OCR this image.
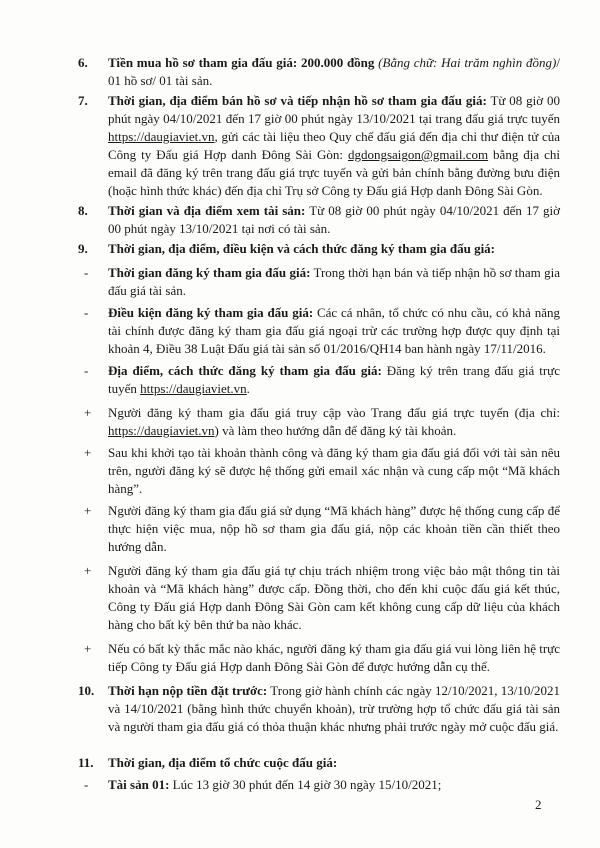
6. Tiền mua hồ sơ tham gia đấu giá: 200.000 đồng (Bằng chữ: Hai trăm nghìn đồng)/ 01 hồ sơ/ 01 tài sản.
7. Thời gian, địa điểm bán hồ sơ và tiếp nhận hồ sơ tham gia đấu giá: Từ 08 giờ 00 phút ngày 04/10/2021 đến 17 giờ 00 phút ngày 13/10/2021 tại trang đấu giá trực tuyến https://daugiaviet.vn, gửi các tài liệu theo Quy chế đấu giá đến địa chỉ thư điện tử của Công ty Đấu giá Hợp danh Đông Sài Gòn: dgdongsaigon@gmail.com bằng địa chỉ email đã đăng ký trên trang đấu giá trực tuyến và gửi bản chính bằng đường bưu điện (hoặc hình thức khác) đến địa chỉ Trụ sở Công ty Đấu giá Hợp danh Đông Sài Gòn.
8. Thời gian và địa điểm xem tài sản: Từ 08 giờ 00 phút ngày 04/10/2021 đến 17 giờ 00 phút ngày 13/10/2021 tại nơi có tài sản.
9. Thời gian, địa điểm, điều kiện và cách thức đăng ký tham gia đấu giá:
- Thời gian đăng ký tham gia đấu giá: Trong thời hạn bán và tiếp nhận hồ sơ tham gia đấu giá tài sản.
- Điều kiện đăng ký tham gia đấu giá: Các cá nhân, tổ chức có nhu cầu, có khả năng tài chính được đăng ký tham gia đấu giá ngoại trừ các trường hợp được quy định tại khoản 4, Điều 38 Luật Đấu giá tài sản số 01/2016/QH14 ban hành ngày 17/11/2016.
- Địa điểm, cách thức đăng ký tham gia đấu giá: Đăng ký trên trang đấu giá trực tuyến https://daugiaviet.vn.
+ Người đăng ký tham gia đấu giá truy cập vào Trang đấu giá trực tuyến (địa chỉ: https://daugiaviet.vn) và làm theo hướng dẫn để đăng ký tài khoản.
+ Sau khi khởi tạo tài khoản thành công và đăng ký tham gia đấu giá đối với tài sản nêu trên, người đăng ký sẽ được hệ thống gửi email xác nhận và cung cấp một “Mã khách hàng”.
+ Người đăng ký tham gia đấu giá sử dụng “Mã khách hàng” được hệ thống cung cấp để thực hiện việc mua, nộp hồ sơ tham gia đấu giá, nộp các khoản tiền cần thiết theo hướng dẫn.
+ Người đăng ký tham gia đấu giá tự chịu trách nhiệm trong việc bảo mật thông tin tài khoản và “Mã khách hàng” được cấp. Đồng thời, cho đến khi cuộc đấu giá kết thúc, Công ty Đấu giá Hợp danh Đông Sài Gòn cam kết không cung cấp dữ liệu của khách hàng cho bất kỳ bên thứ ba nào khác.
+ Nếu có bất kỳ thắc mắc nào khác, người đăng ký tham gia đấu giá vui lòng liên hệ trực tiếp Công ty Đấu giá Hợp danh Đông Sài Gòn để được hướng dẫn cụ thể.
10. Thời hạn nộp tiền đặt trước: Trong giờ hành chính các ngày 12/10/2021, 13/10/2021 và 14/10/2021 (bằng hình thức chuyển khoản), trừ trường hợp tổ chức đấu giá tài sản và người tham gia đấu giá có thỏa thuận khác nhưng phải trước ngày mở cuộc đấu giá.
11. Thời gian, địa điểm tổ chức cuộc đấu giá:
- Tài sản 01: Lúc 13 giờ 30 phút đến 14 giờ 30 ngày 15/10/2021;
2
